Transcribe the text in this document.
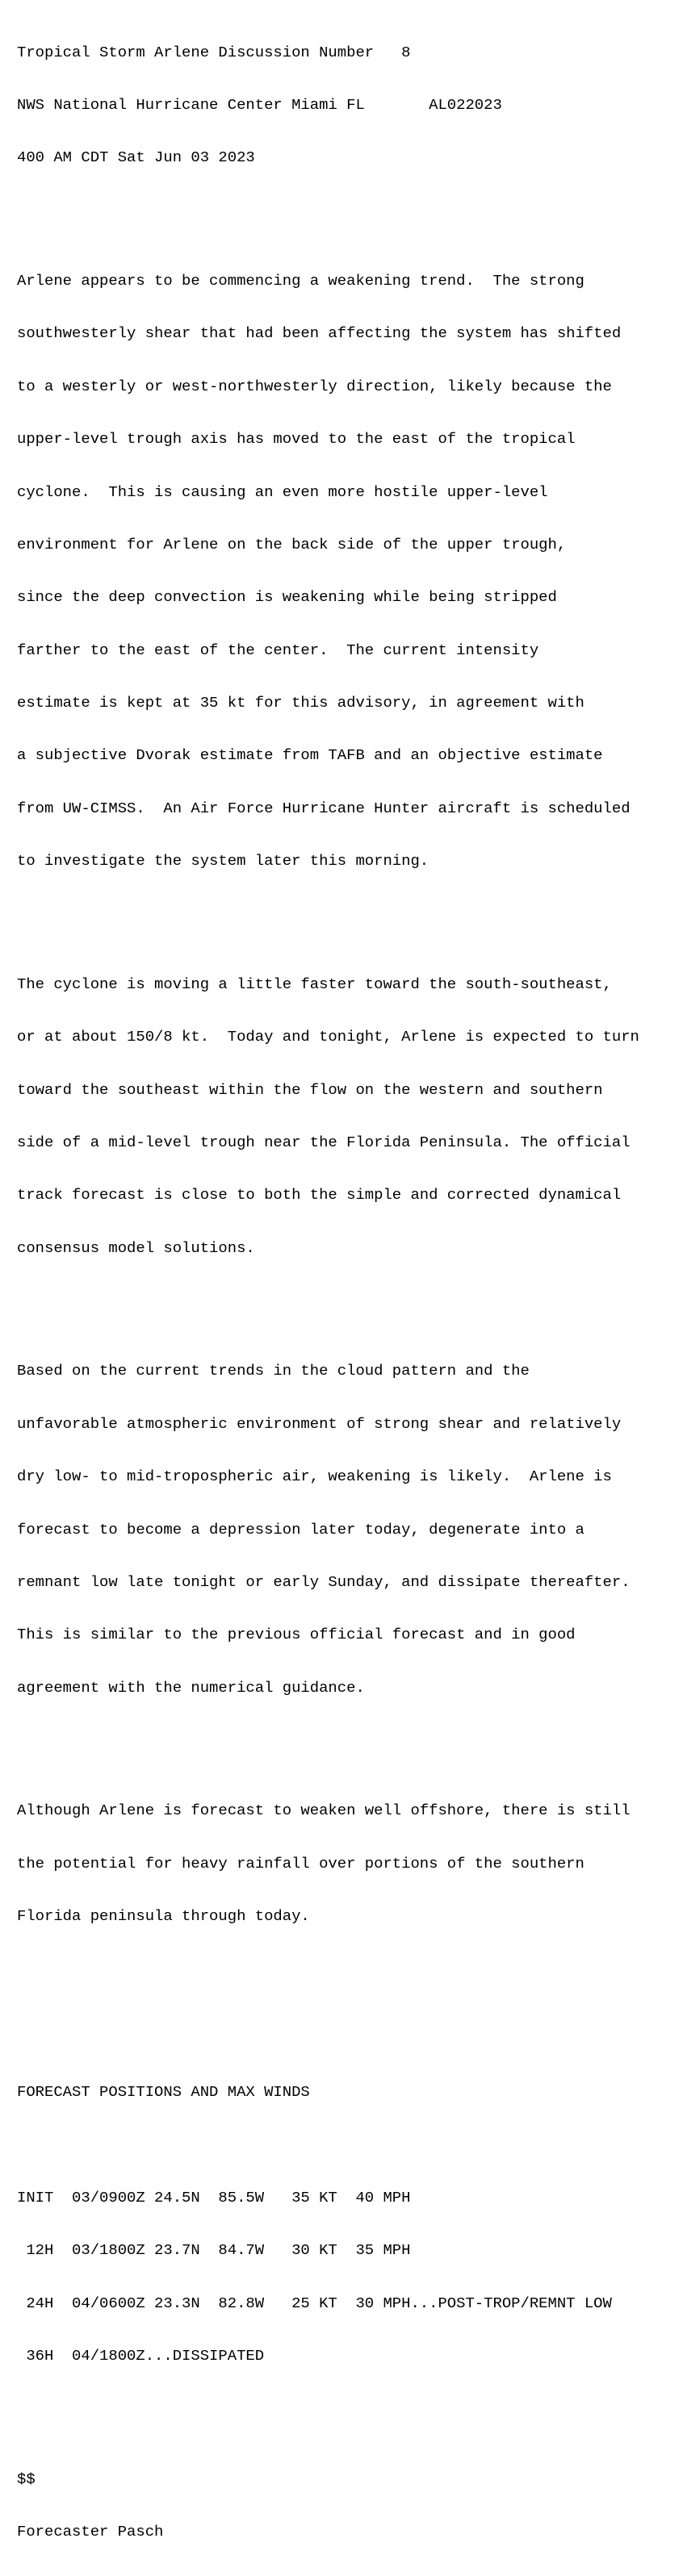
Tropical Storm Arlene Discussion Number   8

NWS National Hurricane Center Miami FL       AL022023

400 AM CDT Sat Jun 03 2023

Arlene appears to be commencing a weakening trend.  The strong

southwesterly shear that had been affecting the system has shifted

to a westerly or west-northwesterly direction, likely because the

upper-level trough axis has moved to the east of the tropical

cyclone.  This is causing an even more hostile upper-level

environment for Arlene on the back side of the upper trough,

since the deep convection is weakening while being stripped

farther to the east of the center.  The current intensity

estimate is kept at 35 kt for this advisory, in agreement with

a subjective Dvorak estimate from TAFB and an objective estimate

from UW-CIMSS.  An Air Force Hurricane Hunter aircraft is scheduled

to investigate the system later this morning.

The cyclone is moving a little faster toward the south-southeast,

or at about 150/8 kt.  Today and tonight, Arlene is expected to turn

toward the southeast within the flow on the western and southern

side of a mid-level trough near the Florida Peninsula. The official

track forecast is close to both the simple and corrected dynamical

consensus model solutions.

Based on the current trends in the cloud pattern and the

unfavorable atmospheric environment of strong shear and relatively

dry low- to mid-tropospheric air, weakening is likely.  Arlene is

forecast to become a depression later today, degenerate into a

remnant low late tonight or early Sunday, and dissipate thereafter.

This is similar to the previous official forecast and in good

agreement with the numerical guidance.

Although Arlene is forecast to weaken well offshore, there is still

the potential for heavy rainfall over portions of the southern

Florida peninsula through today.

FORECAST POSITIONS AND MAX WINDS

INIT  03/0900Z 24.5N  85.5W   35 KT  40 MPH

12H  03/1800Z 23.7N  84.7W   30 KT  35 MPH

24H  04/0600Z 23.3N  82.8W   25 KT  30 MPH...POST-TROP/REMNT LOW

36H  04/1800Z...DISSIPATED

$$

Forecaster Pasch
